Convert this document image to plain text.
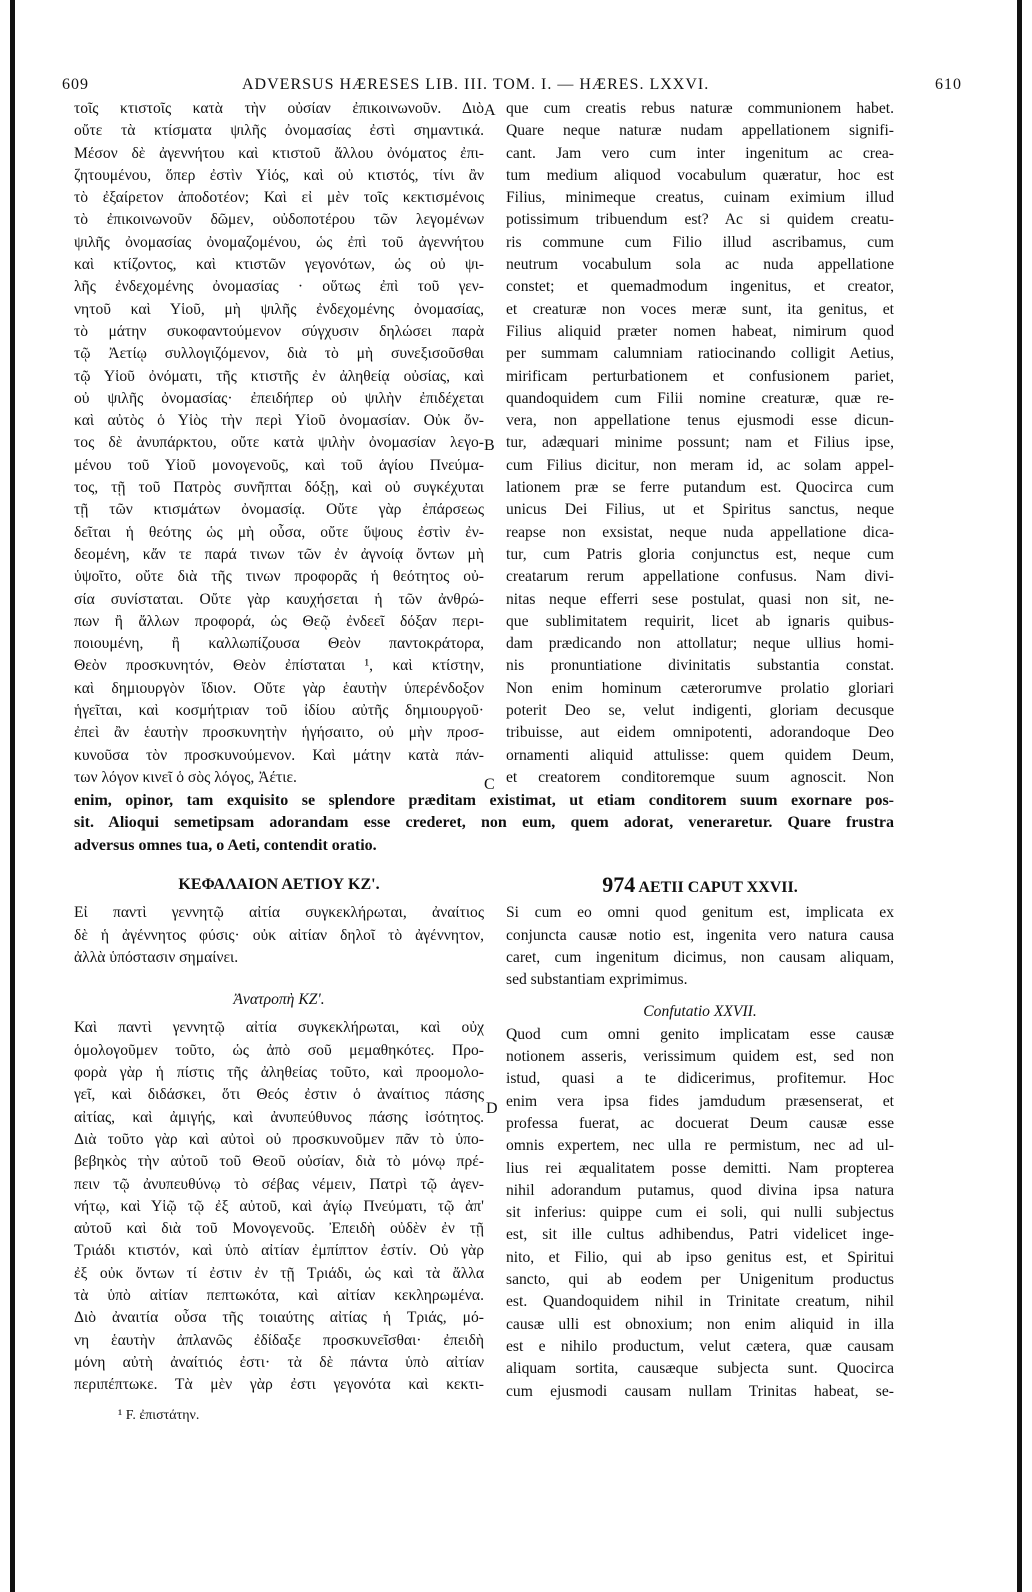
609	ADVERSUS HÆRESES LIB. III. TOM. I. — HÆRES. LXXVI.	610
A
B
C
D
τοῖς κτιστοῖς κατὰ τὴν οὐσίαν ἐπικοινωνοῦν. Διὸ
οὔτε τὰ κτίσματα ψιλῆς ὀνομασίας ἐστὶ σημαντικά.
Μέσον δὲ ἀγεννήτου καὶ κτιστοῦ ἄλλου ὀνόματος ἐπι-
ζητουμένου, ὅπερ ἐστὶν Υἱός, καὶ οὐ κτιστός, τίνι ἂν
τὸ ἐξαίρετον ἀποδοτέον; Καὶ εἰ μὲν τοῖς κεκτισμένοις
τὸ ἐπικοινωνοῦν δῶμεν, οὐδοποτέρου τῶν λεγομένων
ψιλῆς ὀνομασίας ὀνομαζομένου, ὡς ἐπὶ τοῦ ἀγεννήτου
καὶ κτίζοντος, καὶ κτιστῶν γεγονότων, ὡς οὐ ψι-
λῆς ἐνδεχομένης ὀνομασίας · οὕτως ἐπὶ τοῦ γεν-
νητοῦ καὶ Υἱοῦ, μὴ ψιλῆς ἐνδεχομένης ὀνομασίας,
τὸ μάτην συκοφαντούμενον σύγχυσιν δηλώσει παρὰ
τῷ Ἀετίῳ συλλογιζόμενον, διὰ τὸ μὴ συνεξισοῦσθαι
τῷ Υἱοῦ ὀνόματι, τῆς κτιστῆς ἐν ἀληθείᾳ οὐσίας, καὶ
οὐ ψιλῆς ὀνομασίας· ἐπειδήπερ οὐ ψιλὴν ἐπιδέχεται
καὶ αὐτὸς ὁ Υἱὸς τὴν περὶ Υἱοῦ ὀνομασίαν. Οὐκ ὄν-
τος δὲ ἀνυπάρκτου, οὔτε κατὰ ψιλὴν ὀνομασίαν λεγο-
μένου τοῦ Υἱοῦ μονογενοῦς, καὶ τοῦ ἁγίου Πνεύμα-
τος, τῇ τοῦ Πατρὸς συνῆπται δόξῃ, καὶ οὐ συγκέχυται
τῇ τῶν κτισμάτων ὀνομασίᾳ. Οὔτε γὰρ ἐπάρσεως
δεῖται ἡ θεότης ὡς μὴ οὖσα, οὔτε ὕψους ἐστὶν ἐν-
δεομένη, κἄν τε παρά τινων τῶν ἐν ἀγνοίᾳ ὄντων μὴ
ὑψοῖτο, οὔτε διὰ τῆς τινων προφορᾶς ἡ θεότητος οὐ-
σία συνίσταται. Οὔτε γὰρ καυχήσεται ἡ τῶν ἀνθρώ-
πων ἢ ἄλλων προφορά, ὡς Θεῷ ἐνδεεῖ δόξαν περι-
ποιουμένη, ἢ καλλωπίζουσα Θεὸν παντοκράτορα,
Θεὸν προσκυνητόν, Θεὸν ἐπίσταται ¹, καὶ κτίστην,
καὶ δημιουργὸν ἴδιον. Οὔτε γὰρ ἑαυτὴν ὑπερένδοξον
ἡγεῖται, καὶ κοσμήτριαν τοῦ ἰδίου αὐτῆς δημιουργοῦ·
ἐπεὶ ἂν ἑαυτὴν προσκυνητὴν ἡγήσαιτο, οὐ μὴν προσ-
κυνοῦσα τὸν προσκυνούμενον. Καὶ μάτην κατὰ πάν-
των λόγον κινεῖ ὁ σὸς λόγος, Ἀέτιε.
que cum creatis rebus naturæ communionem habet.
Quare neque naturæ nudam appellationem signifi-
cant. Jam vero cum inter ingenitum ac crea-
tum medium aliquod vocabulum quæratur, hoc est
Filius, minimeque creatus, cuinam eximium illud
potissimum tribuendum est? Ac si quidem creatu-
ris commune cum Filio illud ascribamus, cum
neutrum vocabulum sola ac nuda appellatione
constet; et quemadmodum ingenitus, et creator,
et creaturæ non voces meræ sunt, ita genitus, et
Filius aliquid præter nomen habeat, nimirum quod
per summam calumniam ratiocinando colligit Aetius,
mirificam perturbationem et confusionem pariet,
quandoquidem cum Filii nomine creaturæ, quæ re-
vera, non appellatione tenus ejusmodi esse dicun-
tur, adæquari minime possunt; nam et Filius ipse,
cum Filius dicitur, non meram id, ac solam appel-
lationem præ se ferre putandum est. Quocirca cum
unicus Dei Filius, ut et Spiritus sanctus, neque
reapse non exsistat, neque nuda appellatione dica-
tur, cum Patris gloria conjunctus est, neque cum
creatarum rerum appellatione confusus. Nam divi-
nitas neque efferri sese postulat, quasi non sit, ne-
que sublimitatem requirit, licet ab ignaris quibus-
dam prædicando non attollatur; neque ullius homi-
nis pronuntiatione divinitatis substantia constat.
Non enim hominum cæterorumve prolatio gloriari
poterit Deo se, velut indigenti, gloriam decusque
tribuisse, aut eidem omnipotenti, adorandoque Deo
ornamenti aliquid attulisse: quem quidem Deum,
et creatorem conditoremque suum agnoscit. Non
enim, opinor, tam exquisito se splendore præditam existimat, ut etiam conditorem suum exornare pos-
sit. Alioqui semetipsam adorandam esse crederet, non eum, quem adorat, veneraretur. Quare frustra
adversus omnes tua, o Aeti, contendit oratio.
ΚΕΦΑΛΑΙΟΝ ΑΕΤΙΟΥ ΚΖ'.
Εἰ παντὶ γεννητῷ αἰτία συγκεκλήρωται, ἀναίτιος
δὲ ἡ ἀγέννητος φύσις· οὐκ αἰτίαν δηλοῖ τὸ ἀγέννητον,
ἀλλὰ ὑπόστασιν σημαίνει.
Ἀνατροπὴ ΚΖ'.
Καὶ παντὶ γεννητῷ αἰτία συγκεκλήρωται, καὶ οὐχ
ὁμολογοῦμεν τοῦτο, ὡς ἀπὸ σοῦ μεμαθηκότες. Προ-
φορὰ γὰρ ἡ πίστις τῆς ἀληθείας τοῦτο, καὶ προομολο-
γεῖ, καὶ διδάσκει, ὅτι Θεός ἐστιν ὁ ἀναίτιος πάσης
αἰτίας, καὶ ἀμιγής, καὶ ἀνυπεύθυνος πάσης ἰσότητος.
Διὰ τοῦτο γὰρ καὶ αὐτοὶ οὐ προσκυνοῦμεν πᾶν τὸ ὑπο-
βεβηκὸς τὴν αὐτοῦ τοῦ Θεοῦ οὐσίαν, διὰ τὸ μόνῳ πρέ-
πειν τῷ ἀνυπευθύνῳ τὸ σέβας νέμειν, Πατρὶ τῷ ἀγεν-
νήτῳ, καὶ Υἱῷ τῷ ἐξ αὐτοῦ, καὶ ἁγίῳ Πνεύματι, τῷ ἀπ'
αὐτοῦ καὶ διὰ τοῦ Μονογενοῦς. Ἐπειδὴ οὐδὲν ἐν τῇ
Τριάδι κτιστόν, καὶ ὑπὸ αἰτίαν ἐμπίπτον ἐστίν. Οὐ γὰρ
ἐξ οὐκ ὄντων τί ἐστιν ἐν τῇ Τριάδι, ὡς καὶ τὰ ἄλλα
τὰ ὑπὸ αἰτίαν πεπτωκότα, καὶ αἰτίαν κεκληρωμένα.
Διὸ ἀναιτία οὖσα τῆς τοιαύτης αἰτίας ἡ Τριάς, μό-
νη ἑαυτὴν ἀπλανῶς ἐδίδαξε προσκυνεῖσθαι· ἐπειδὴ
μόνη αὐτὴ ἀναίτιός ἐστι· τὰ δὲ πάντα ὑπὸ αἰτίαν
περιπέπτωκε. Τὰ μὲν γὰρ ἐστι γεγονότα καὶ κεκτι-
974 AETII CAPUT XXVII.
Si cum eo omni quod genitum est, implicata ex
conjuncta causæ notio est, ingenita vero natura causa
caret, cum ingenitum dicimus, non causam aliquam,
sed substantiam exprimimus.
Confutatio XXVII.
Quod cum omni genito implicatam esse causæ
notionem asseris, verissimum quidem est, sed non
istud, quasi a te didicerimus, profitemur. Hoc
enim vera ipsa fides jamdudum præsenserat, et
professa fuerat, ac docuerat Deum causæ esse
omnis expertem, nec ulla re permistum, nec ad ul-
lius rei æqualitatem posse demitti. Nam propterea
nihil adorandum putamus, quod divina ipsa natura
sit inferius: quippe cum ei soli, qui nulli subjectus
est, sit ille cultus adhibendus, Patri videlicet inge-
nito, et Filio, qui ab ipso genitus est, et Spiritui
sancto, qui ab eodem per Unigenitum productus
est. Quandoquidem nihil in Trinitate creatum, nihil
causæ ulli est obnoxium; non enim aliquid in illa
est e nihilo productum, velut cætera, quæ causam
aliquam sortita, causæque subjecta sunt. Quocirca
cum ejusmodi causam nullam Trinitas habeat, se-
¹ F. ἐπιστάτην.
